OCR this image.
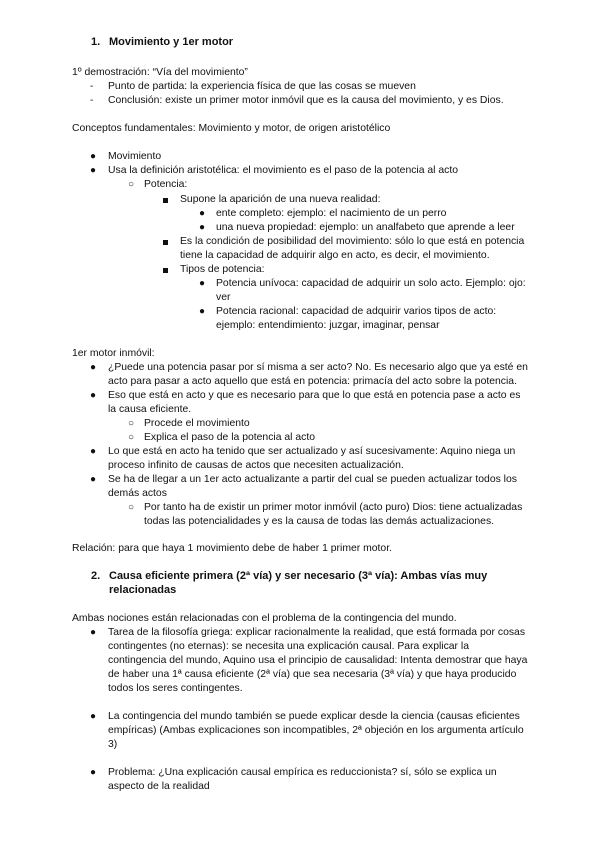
1. Movimiento y 1er motor
1º demostración: “Vía del movimiento”
- Punto de partida: la experiencia física de que las cosas se mueven
- Conclusión: existe un primer motor inmóvil que es la causa del movimiento, y es Dios.
Conceptos fundamentales: Movimiento y motor, de origen aristotélico
● Movimiento
● Usa la definición aristotélica: el movimiento es el paso de la potencia al acto
○ Potencia:
Supone la aparición de una nueva realidad:
● ente completo: ejemplo: el nacimiento de un perro
● una nueva propiedad: ejemplo: un analfabeto que aprende a leer
Es la condición de posibilidad del movimiento: sólo lo que está en potencia
tiene la capacidad de adquirir algo en acto, es decir, el movimiento.
Tipos de potencia:
● Potencia unívoca: capacidad de adquirir un solo acto. Ejemplo: ojo:
ver
● Potencia racional: capacidad de adquirir varios tipos de acto:
ejemplo: entendimiento: juzgar, imaginar, pensar
1er motor inmóvil:
● ¿Puede una potencia pasar por sí misma a ser acto? No. Es necesario algo que ya esté en
acto para pasar a acto aquello que está en potencia: primacía del acto sobre la potencia.
● Eso que está en acto y que es necesario para que lo que está en potencia pase a acto es
la causa eficiente.
○ Procede el movimiento
○ Explica el paso de la potencia al acto
● Lo que está en acto ha tenido que ser actualizado y así sucesivamente: Aquino niega un
proceso infinito de causas de actos que necesiten actualización.
● Se ha de llegar a un 1er acto actualizante a partir del cual se pueden actualizar todos los
demás actos
○ Por tanto ha de existir un primer motor inmóvil (acto puro) Dios: tiene actualizadas
todas las potencialidades y es la causa de todas las demás actualizaciones.
Relación: para que haya 1 movimiento debe de haber 1 primer motor.
2. Causa eficiente primera (2ª vía) y ser necesario (3ª vía): Ambas vías muy
relacionadas
Ambas nociones están relacionadas con el problema de la contingencia del mundo.
● Tarea de la filosofía griega: explicar racionalmente la realidad, que está formada por cosas
contingentes (no eternas): se necesita una explicación causal. Para explicar la
contingencia del mundo, Aquino usa el principio de causalidad: Intenta demostrar que haya
de haber una 1ª causa eficiente (2ª vía) que sea necesaria (3ª vía) y que haya producido
todos los seres contingentes.
● La contingencia del mundo también se puede explicar desde la ciencia (causas eficientes
empíricas) (Ambas explicaciones son incompatibles, 2ª objeción en los argumenta artículo
3)
● Problema: ¿Una explicación causal empírica es reduccionista? sí, sólo se explica un
aspecto de la realidad
